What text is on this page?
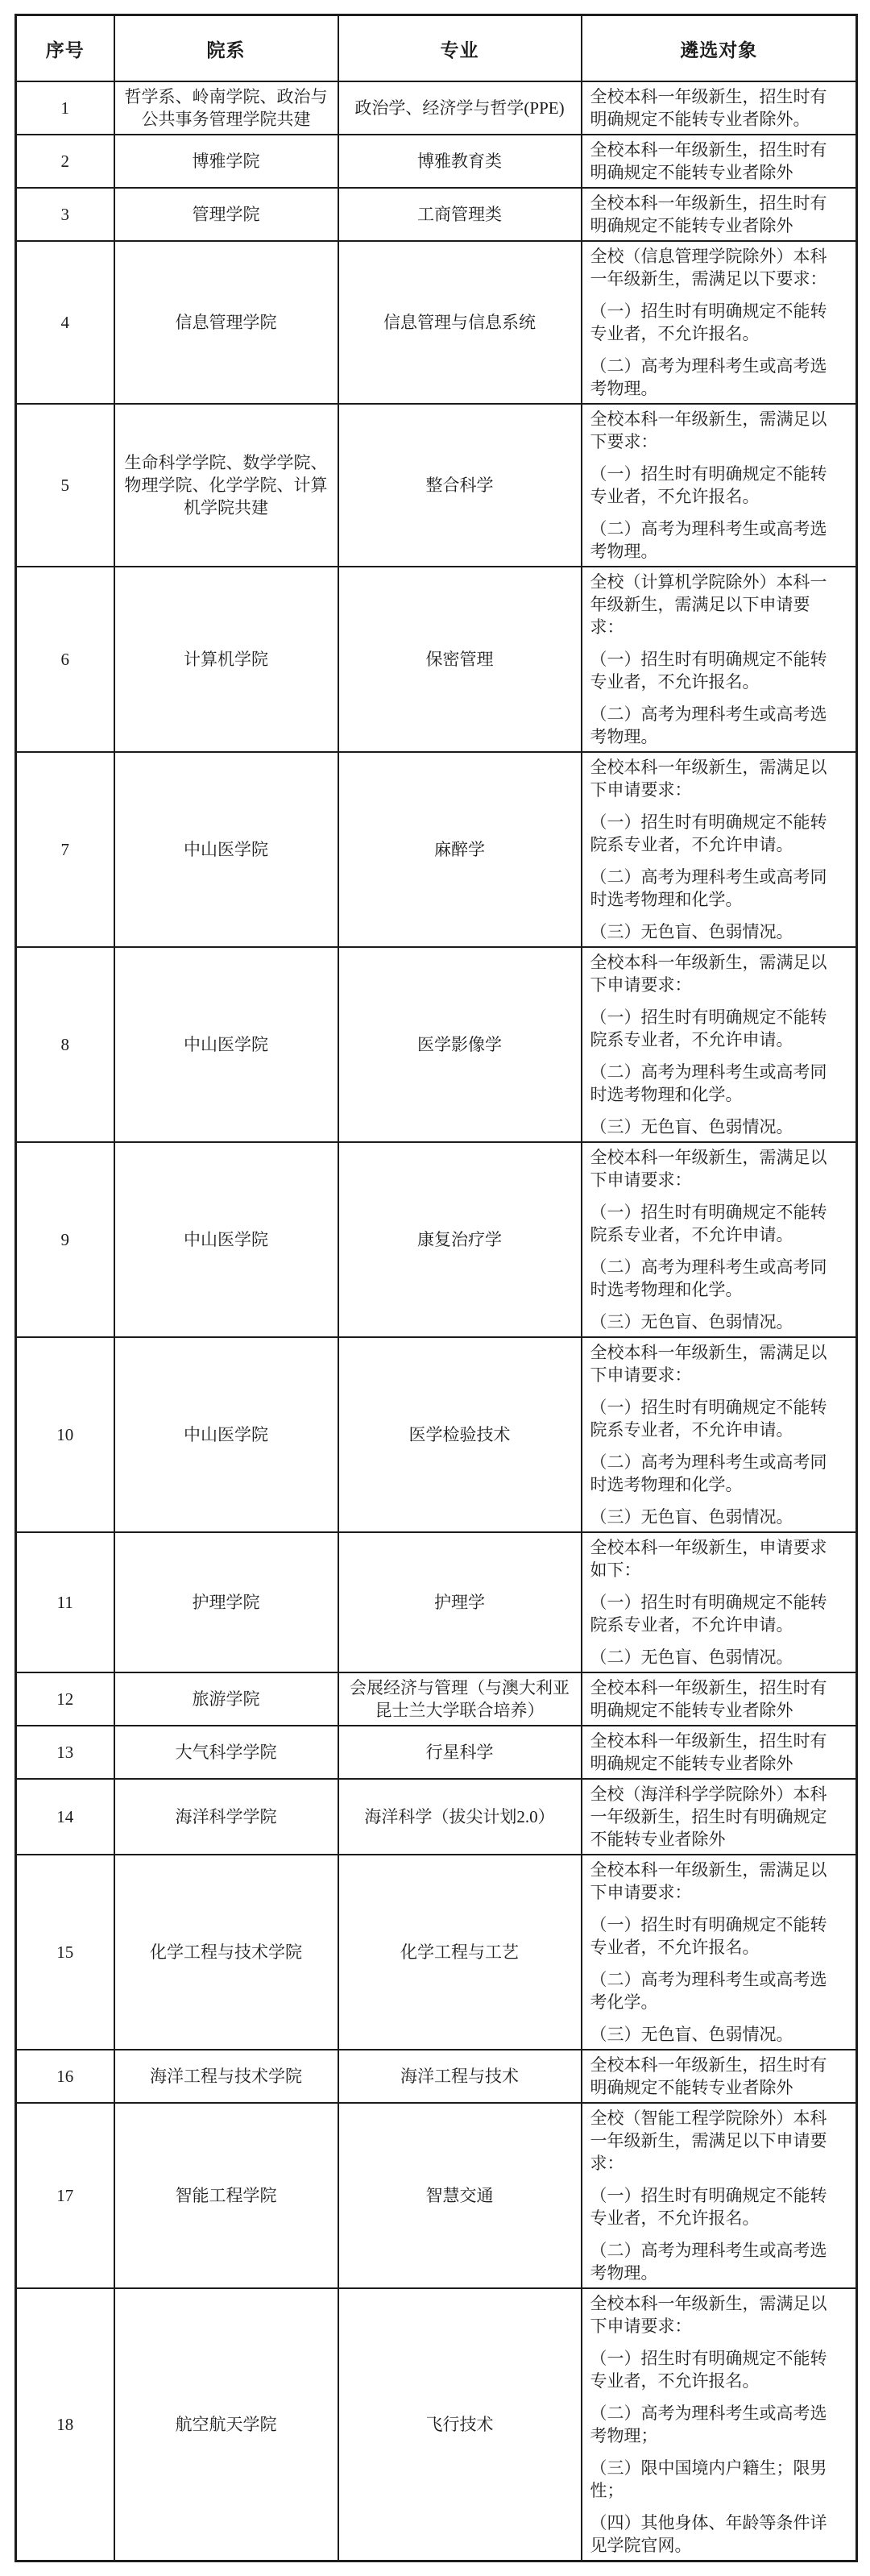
序号	院系	专业	遴选对象
1	哲学系、岭南学院、政治与公共事务管理学院共建	政治学、经济学与哲学(PPE)	全校本科一年级新生，招生时有明确规定不能转专业者除外。

2	博雅学院	博雅教育类	全校本科一年级新生，招生时有明确规定不能转专业者除外

3	管理学院	工商管理类	全校本科一年级新生，招生时有明确规定不能转专业者除外

4	信息管理学院	信息管理与信息系统	全校（信息管理学院除外）本科一年级新生，需满足以下要求：

（一）招生时有明确规定不能转专业者，不允许报名。

（二）高考为理科考生或高考选考物理。

5	生命科学学院、数学学院、物理学院、化学学院、计算机学院共建	整合科学	全校本科一年级新生，需满足以下要求：

（一）招生时有明确规定不能转专业者，不允许报名。

（二）高考为理科考生或高考选考物理。

6	计算机学院	保密管理	全校（计算机学院除外）本科一年级新生，需满足以下申请要求：

（一）招生时有明确规定不能转专业者，不允许报名。

（二）高考为理科考生或高考选考物理。

7	中山医学院	麻醉学	全校本科一年级新生，需满足以下申请要求：

（一）招生时有明确规定不能转院系专业者，不允许申请。

（二）高考为理科考生或高考同时选考物理和化学。

（三）无色盲、色弱情况。

8	中山医学院	医学影像学	全校本科一年级新生，需满足以下申请要求：

（一）招生时有明确规定不能转院系专业者，不允许申请。

（二）高考为理科考生或高考同时选考物理和化学。

（三）无色盲、色弱情况。

9	中山医学院	康复治疗学	全校本科一年级新生，需满足以下申请要求：

（一）招生时有明确规定不能转院系专业者，不允许申请。

（二）高考为理科考生或高考同时选考物理和化学。

（三）无色盲、色弱情况。

10	中山医学院	医学检验技术	全校本科一年级新生，需满足以下申请要求：

（一）招生时有明确规定不能转院系专业者，不允许申请。

（二）高考为理科考生或高考同时选考物理和化学。

（三）无色盲、色弱情况。

11	护理学院	护理学	全校本科一年级新生，申请要求如下：

（一）招生时有明确规定不能转院系专业者，不允许申请。

（二）无色盲、色弱情况。

12	旅游学院	会展经济与管理（与澳大利亚昆士兰大学联合培养）	全校本科一年级新生，招生时有明确规定不能转专业者除外

13	大气科学学院	行星科学	全校本科一年级新生，招生时有明确规定不能转专业者除外

14	海洋科学学院	海洋科学（拔尖计划2.0）	全校（海洋科学学院除外）本科一年级新生，招生时有明确规定不能转专业者除外

15	化学工程与技术学院	化学工程与工艺	全校本科一年级新生，需满足以下申请要求：

（一）招生时有明确规定不能转专业者，不允许报名。

（二）高考为理科考生或高考选考化学。

（三）无色盲、色弱情况。

16	海洋工程与技术学院	海洋工程与技术	全校本科一年级新生，招生时有明确规定不能转专业者除外

17	智能工程学院	智慧交通	全校（智能工程学院除外）本科一年级新生，需满足以下申请要求：

（一）招生时有明确规定不能转专业者，不允许报名。

（二）高考为理科考生或高考选考物理。

18	航空航天学院	飞行技术	全校本科一年级新生，需满足以下申请要求：

（一）招生时有明确规定不能转专业者，不允许报名。

（二）高考为理科考生或高考选考物理；

（三）限中国境内户籍生；限男性；

（四）其他身体、年龄等条件详见学院官网。
